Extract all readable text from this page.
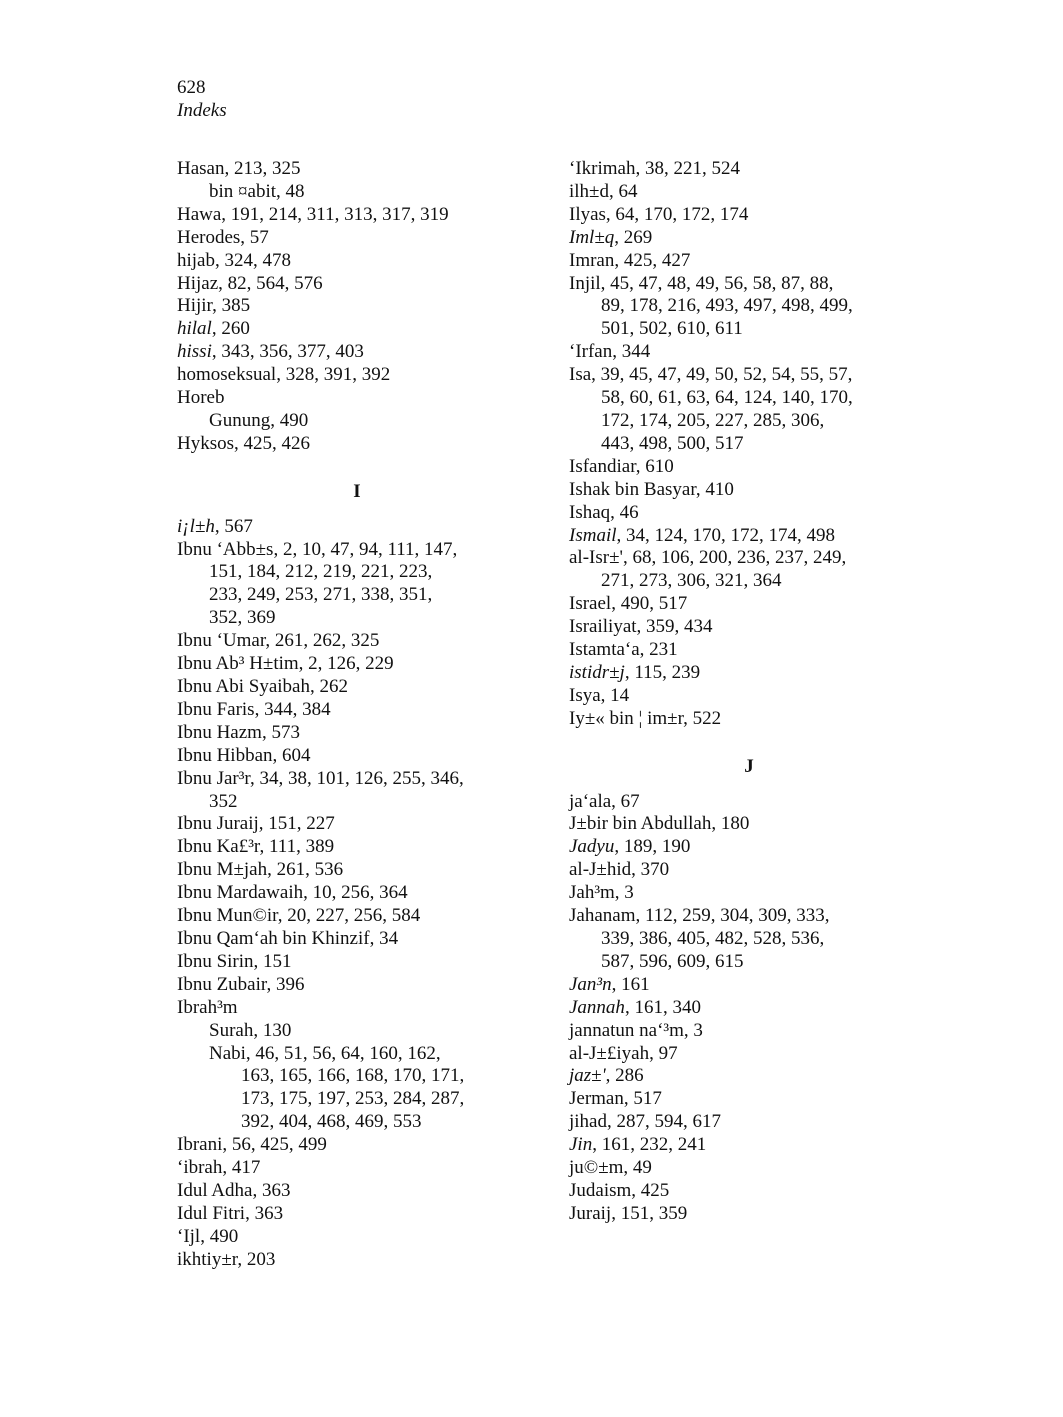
628
Indeks
Hasan, 213, 325
bin ¤abit, 48
Hawa, 191, 214, 311, 313, 317, 319
Herodes, 57
hijab, 324, 478
Hijaz, 82, 564, 576
Hijir, 385
hilal, 260
hissi, 343, 356, 377, 403
homoseksual, 328, 391, 392
Horeb
Gunung, 490
Hyksos, 425, 426
I
i¡l±h, 567
Ibnu ‘Abb±s, 2, 10, 47, 94, 111, 147,
151, 184, 212, 219, 221, 223,
233, 249, 253, 271, 338, 351,
352, 369
Ibnu ‘Umar, 261, 262, 325
Ibnu Ab³ H±tim, 2, 126, 229
Ibnu Abi Syaibah, 262
Ibnu Faris, 344, 384
Ibnu Hazm, 573
Ibnu Hibban, 604
Ibnu Jar³r, 34, 38, 101, 126, 255, 346,
352
Ibnu Juraij, 151, 227
Ibnu Ka£³r, 111, 389
Ibnu M±jah, 261, 536
Ibnu Mardawaih, 10, 256, 364
Ibnu Mun©ir, 20, 227, 256, 584
Ibnu Qam‘ah bin Khinzif, 34
Ibnu Sirin, 151
Ibnu Zubair, 396
Ibrah³m
Surah, 130
Nabi, 46, 51, 56, 64, 160, 162,
163, 165, 166, 168, 170, 171,
173, 175, 197, 253, 284, 287,
392, 404, 468, 469, 553
Ibrani, 56, 425, 499
‘ibrah, 417
Idul Adha, 363
Idul Fitri, 363
‘Ijl, 490
ikhtiy±r, 203
‘Ikrimah, 38, 221, 524
ilh±d, 64
Ilyas, 64, 170, 172, 174
Iml±q, 269
Imran, 425, 427
Injil, 45, 47, 48, 49, 56, 58, 87, 88,
89, 178, 216, 493, 497, 498, 499,
501, 502, 610, 611
‘Irfan, 344
Isa, 39, 45, 47, 49, 50, 52, 54, 55, 57,
58, 60, 61, 63, 64, 124, 140, 170,
172, 174, 205, 227, 285, 306,
443, 498, 500, 517
Isfandiar, 610
Ishak bin Basyar, 410
Ishaq, 46
Ismail, 34, 124, 170, 172, 174, 498
al-Isr±', 68, 106, 200, 236, 237, 249,
271, 273, 306, 321, 364
Israel, 490, 517
Israiliyat, 359, 434
Istamta‘a, 231
istidr±j, 115, 239
Isya, 14
Iy±« bin ¦ im±r, 522
J
ja‘ala, 67
J±bir bin Abdullah, 180
Jadyu, 189, 190
al-J±hid, 370
Jah³m, 3
Jahanam, 112, 259, 304, 309, 333,
339, 386, 405, 482, 528, 536,
587, 596, 609, 615
Jan³n, 161
Jannah, 161, 340
jannatun na‘³m, 3
al-J±£iyah, 97
jaz±', 286
Jerman, 517
jihad, 287, 594, 617
Jin, 161, 232, 241
ju©±m, 49
Judaism, 425
Juraij, 151, 359
